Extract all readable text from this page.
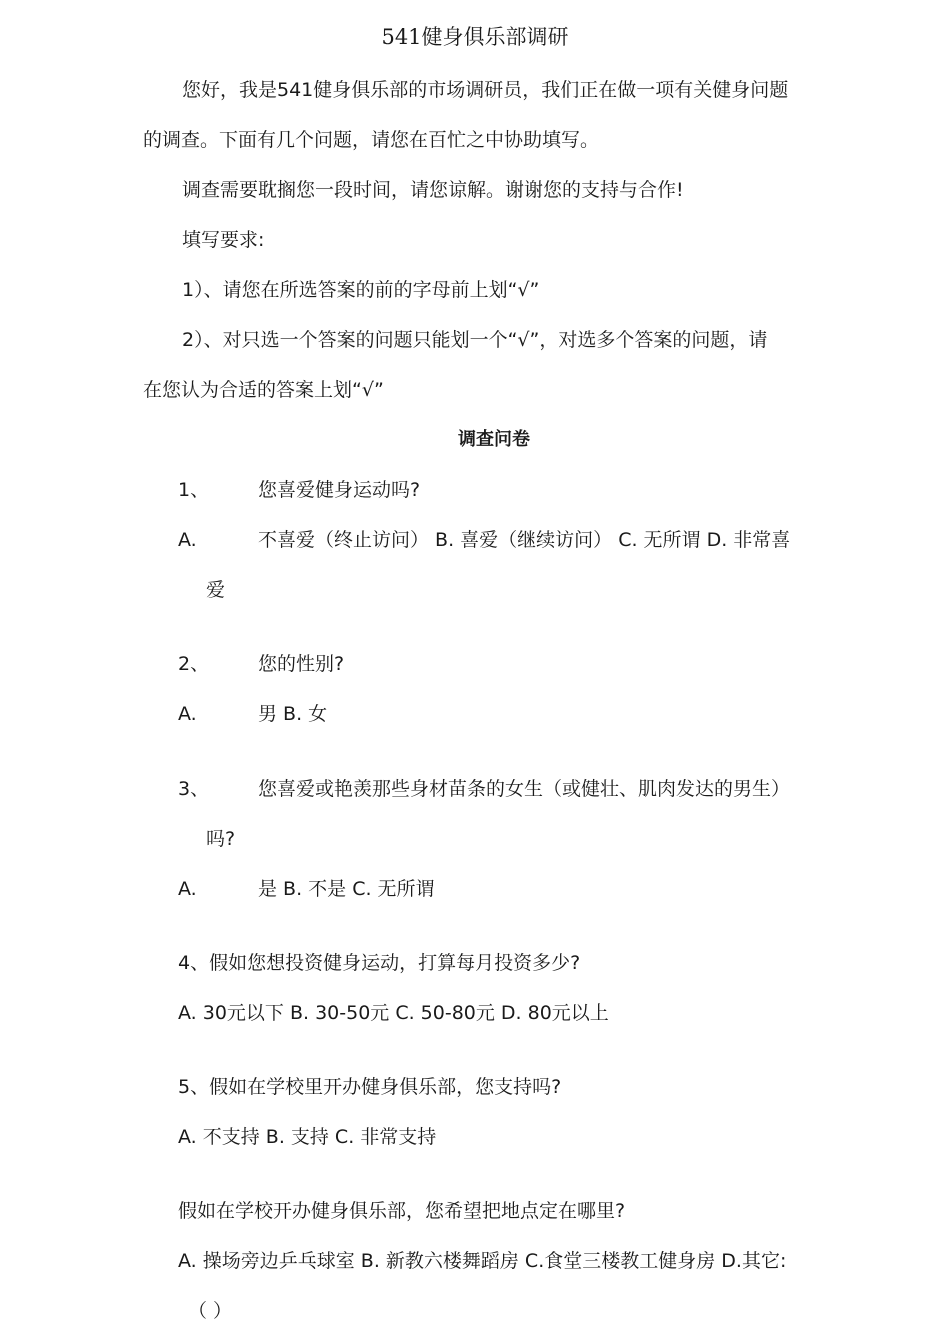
541健身俱乐部调研
您好，我是541健身俱乐部的市场调研员，我们正在做一项有关健身问题
的调查。下面有几个问题，请您在百忙之中协助填写。
调查需要耽搁您一段时间，请您谅解。谢谢您的支持与合作!
填写要求:
1）、请您在所选答案的前的字母前上划“√”
2）、对只选一个答案的问题只能划一个“√”，对选多个答案的问题，请
在您认为合适的答案上划“√”
调查问卷
1、	您喜爱健身运动吗?
A.	不喜爱（终止访问） B. 喜爱（继续访问） C. 无所谓 D. 非常喜
爱
2、	您的性别?
A.	男 B. 女
3、	您喜爱或艳羡那些身材苗条的女生（或健壮、肌肉发达的男生）
吗?
A.	是 B. 不是 C. 无所谓
4、假如您想投资健身运动，打算每月投资多少?
A. 30元以下 B. 30-50元 C. 50-80元 D. 80元以上
5、假如在学校里开办健身俱乐部，您支持吗?
A. 不支持 B. 支持 C. 非常支持
假如在学校开办健身俱乐部，您希望把地点定在哪里?
A. 操场旁边乒乓球室 B. 新教六楼舞蹈房 C.食堂三楼教工健身房 D.其它:
（ ）
